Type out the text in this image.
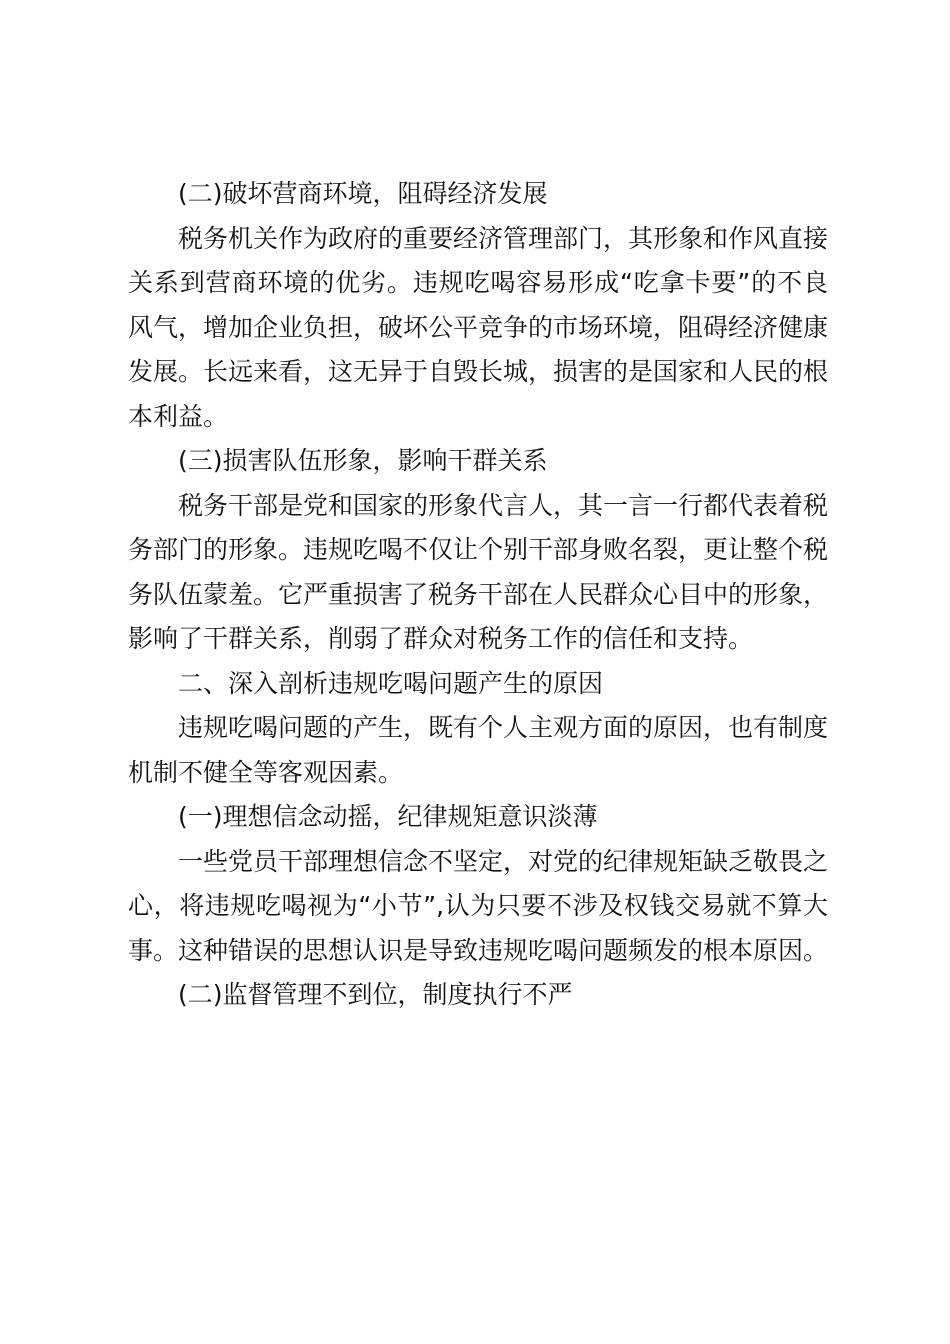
(二)破坏营商环境，阻碍经济发展

税务机关作为政府的重要经济管理部门，其形象和作风直接关系到营商环境的优劣。违规吃喝容易形成“吃拿卡要”的不良风气，增加企业负担，破坏公平竞争的市场环境，阻碍经济健康发展。长远来看，这无异于自毁长城，损害的是国家和人民的根本利益。

(三)损害队伍形象，影响干群关系

税务干部是党和国家的形象代言人，其一言一行都代表着税务部门的形象。违规吃喝不仅让个别干部身败名裂，更让整个税务队伍蒙羞。它严重损害了税务干部在人民群众心目中的形象，影响了干群关系，削弱了群众对税务工作的信任和支持。

二、深入剖析违规吃喝问题产生的原因

违规吃喝问题的产生，既有个人主观方面的原因，也有制度机制不健全等客观因素。

(一)理想信念动摇，纪律规矩意识淡薄

一些党员干部理想信念不坚定，对党的纪律规矩缺乏敬畏之心，将违规吃喝视为“小节”,认为只要不涉及权钱交易就不算大事。这种错误的思想认识是导致违规吃喝问题频发的根本原因。

(二)监督管理不到位，制度执行不严
